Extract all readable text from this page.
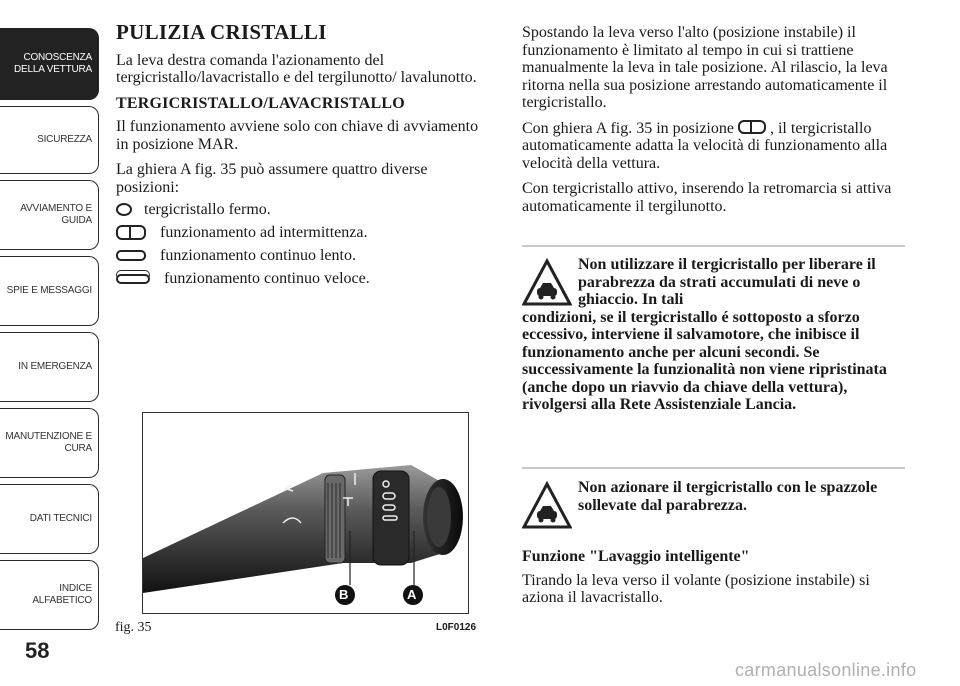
CONOSCENZA
DELLA VETTURA
SICUREZZA
AVVIAMENTO E
GUIDA
SPIE E MESSAGGI
IN EMERGENZA
MANUTENZIONE E
CURA
DATI TECNICI
INDICE
ALFABETICO
58
PULIZIA CRISTALLI

La leva destra comanda l'azionamento del tergicristallo/lavacristallo e del tergilunotto/ lavalunotto.

TERGICRISTALLO/LAVACRISTALLO

Il funzionamento avviene solo con chiave di avviamento in posizione MAR.

La ghiera A fig. 35 può assumere quattro diverse posizioni:

tergicristallo fermo.
funzionamento ad intermittenza.
funzionamento continuo lento.
funzionamento continuo veloce.
B	A
fig. 35	L0F0126

Spostando la leva verso l'alto (posizione instabile) il funzionamento è limitato al tempo in cui si trattiene manualmente la leva in tale posizione. Al rilascio, la leva ritorna nella sua posizione arrestando automaticamente il tergicristallo.

Con ghiera A fig. 35 in posizione , il tergicristallo automaticamente adatta la velocità di funzionamento alla velocità della vettura.

Con tergicristallo attivo, inserendo la retromarcia si attiva automaticamente il tergilunotto.

Non utilizzare il tergicristallo per liberare il parabrezza da strati accumulati di neve o ghiaccio. In tali
condizioni, se il tergicristallo é sottoposto a sforzo eccessivo, interviene il salvamotore, che inibisce il funzionamento anche per alcuni secondi. Se successivamente la funzionalità non viene ripristinata (anche dopo un riavvio da chiave della vettura), rivolgersi alla Rete Assistenziale Lancia.
Non azionare il tergicristallo con le spazzole sollevate dal parabrezza.

Funzione "Lavaggio intelligente"

Tirando la leva verso il volante (posizione instabile) si aziona il lavacristallo.

carmanualsonline.info
